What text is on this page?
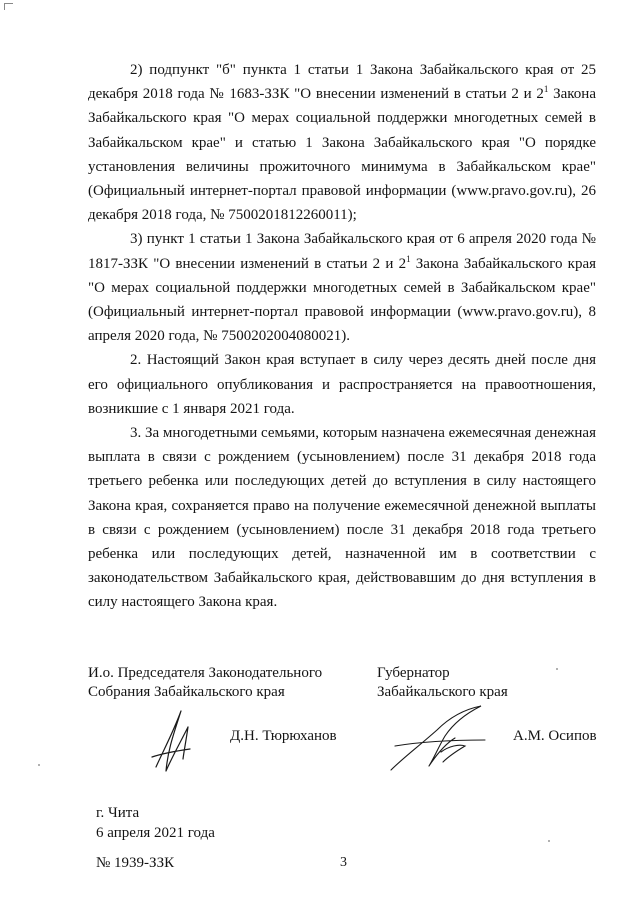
2) подпункт "б" пункта 1 статьи 1 Закона Забайкальского края от 25 декабря 2018 года № 1683-ЗЗК "О внесении изменений в статьи 2 и $2^1$ Закона Забайкальского края "О мерах социальной поддержки многодетных семей в Забайкальском крае" и статью 1 Закона Забайкальского края "О порядке установления величины прожиточного минимума в Забайкальском крае" (Официальный интернет-портал правовой информации (www.pravo.gov.ru), 26 декабря 2018 года, № 7500201812260011);

3) пункт 1 статьи 1 Закона Забайкальского края от 6 апреля 2020 года № 1817-ЗЗК "О внесении изменений в статьи 2 и $2^1$ Закона Забайкальского края "О мерах социальной поддержки многодетных семей в Забайкальском крае" (Официальный интернет-портал правовой информации (www.pravo.gov.ru), 8 апреля 2020 года, № 7500202004080021).

2. Настоящий Закон края вступает в силу через десять дней после дня его официального опубликования и распространяется на правоотношения, возникшие с 1 января 2021 года.

3. За многодетными семьями, которым назначена ежемесячная денежная выплата в связи с рождением (усыновлением) после 31 декабря 2018 года третьего ребенка или последующих детей до вступления в силу настоящего Закона края, сохраняется право на получение ежемесячной денежной выплаты в связи с рождением (усыновлением) после 31 декабря 2018 года третьего ребенка или последующих детей, назначенной им в соответствии с законодательством Забайкальского края, действовавшим до дня вступления в силу настоящего Закона края.

И.о. Председателя Законодательного
Собрания Забайкальского края
Губернатор
Забайкальского края
Д.Н. Тюрюханов	А.М. Осипов
г. Чита
6 апреля 2021 года
№ 1939-ЗЗК	3
